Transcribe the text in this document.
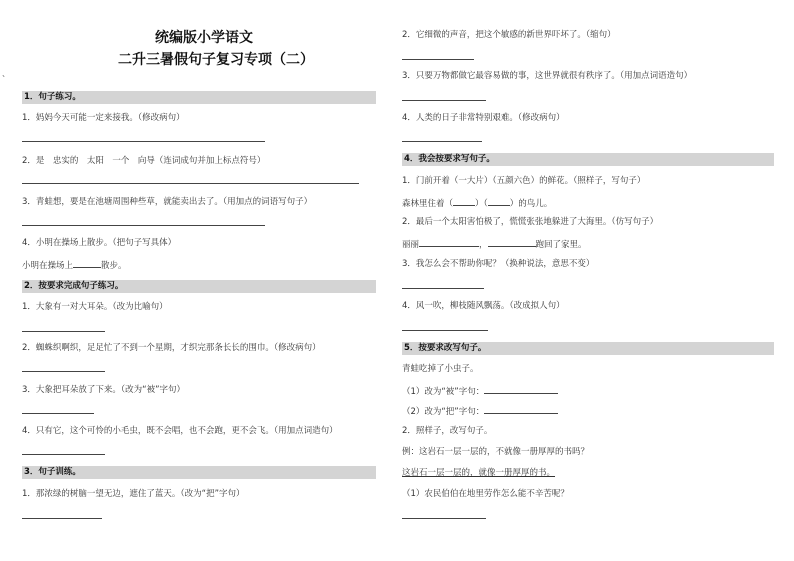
统编版小学语文
二升三暑假句子复习专项（二）
、
1．句子练习。
1．妈妈今天可能一定来接我。（修改病句）
2．是　忠实的　太阳　一个　向导（连词成句并加上标点符号）
3．青蛙想，要是在池塘周围种些草，就能卖出去了。（用加点的词语写句子）
4．小明在操场上散步。（把句子写具体）
小明在操场上	散步。
2．按要求完成句子练习。
1．大象有一对大耳朵。（改为比喻句）
2．蜘蛛织啊织，足足忙了不到一个星期，才织完那条长长的围巾。（修改病句）
3．大象把耳朵放了下来。（改为“被”字句）
4．只有它，这个可怜的小毛虫，既不会唱，也不会跑，更不会飞。（用加点词造句）
3．句子训练。
1．那浓绿的树脑一望无边，遮住了蓝天。（改为“把”字句）
2．它细微的声音，把这个敏感的新世界吓坏了。（缩句）
3．只要万物都做它最容易做的事，这世界就很有秩序了。（用加点词语造句）
4．人类的日子非常特别艰难。（修改病句）
4．我会按要求写句子。
1．门前开着（一大片）（五颜六色）的鲜花。（照样子，写句子）
森林里住着（	）（	）的鸟儿。
2．最后一个太阳害怕极了，慌慌张张地躲进了大海里。（仿写句子）
丽丽	，	跑回了家里。
3．我怎么会不帮助你呢？（换种说法，意思不变）
4．风一吹，柳枝随风飘荡。（改成拟人句）
5．按要求改写句子。
青蛙吃掉了小虫子。
（1）改为“被”字句：
（2）改为“把”字句：
2．照样子，改写句子。
例：这岩石一层一层的，不就像一册厚厚的书吗？
这岩石一层一层的，就像一册厚厚的书。
（1）农民伯伯在地里劳作怎么能不辛苦呢？
